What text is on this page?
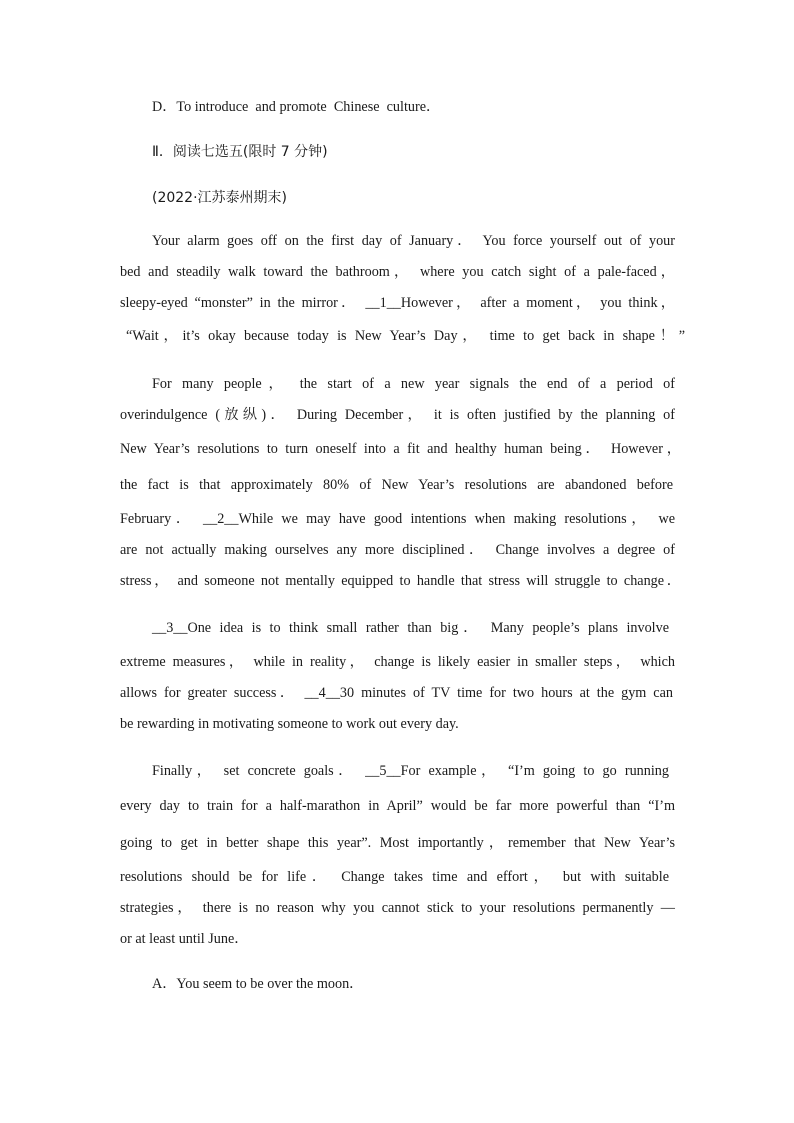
D．To introduce  and promote  Chinese  culture．
Ⅱ．阅读七选五(限时 7 分钟)
(2022·江苏泰州期末)
Your alarm goes off on the first day of January． You force yourself out of your
bed and steadily walk toward the bathroom， where you catch sight of a pale-faced，
sleepy-eyed “monster” in the mirror． __1__However， after a moment， you think，
“Wait，it’s okay because today is New Year’s Day， time to get back in shape！”
For many people， the start of a new year signals the end of a period of
overindulgence (放纵)． During December， it is often justified by the planning of
New Year’s resolutions to turn oneself into a fit and healthy human being． However，
the fact is that approximately 80% of New Year’s resolutions are abandoned before
February． __2__While we may have good intentions when making resolutions， we
are not actually making ourselves any more disciplined． Change involves a degree of
stress， and someone not mentally equipped to handle that stress will struggle to change．
__3__One idea is to think small rather than big． Many people’s plans involve
extreme measures， while in reality， change is likely easier in smaller steps， which
allows for greater success． __4__30 minutes of TV time for two hours at the gym can
be rewarding in motivating someone to work out every day.
Finally， set concrete goals． __5__For example， “I’m going to go running
every day to train for a half-marathon in April” would be far more powerful than “I’m
going to get in better shape this year”. Most importantly，remember that New Year’s
resolutions should be for life． Change takes time and effort， but with suitable
strategies， there is no reason why you cannot stick to your resolutions permanently —
or at least until June．
A．You seem to be over the moon．
